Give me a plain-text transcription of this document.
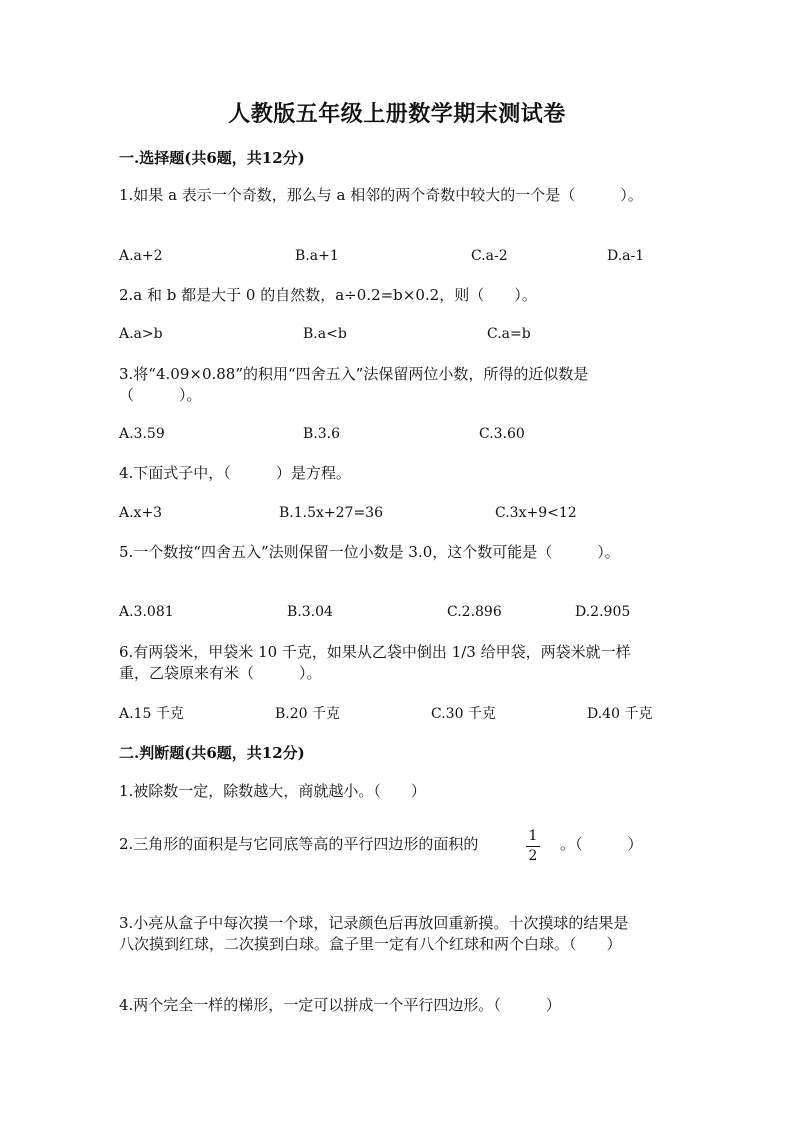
人教版五年级上册数学期末测试卷
一.选择题(共6题，共12分)
1.如果 a 表示一个奇数，那么与 a 相邻的两个奇数中较大的一个是（　　　）。
A.a+2	B.a+1	C.a-2	D.a-1
2.a 和 b 都是大于 0 的自然数，a÷0.2=b×0.2，则（　　）。
A.a>b	B.a<b	C.a=b
3.将“4.09×0.88”的积用“四舍五入”法保留两位小数，所得的近似数是
（　　　）。
A.3.59	B.3.6	C.3.60
4.下面式子中，（　　　）是方程。
A.x+3	B.1.5x+27=36	C.3x+9<12
5.一个数按“四舍五入”法则保留一位小数是 3.0，这个数可能是（　　　）。
A.3.081	B.3.04	C.2.896	D.2.905
6.有两袋米，甲袋米 10 千克，如果从乙袋中倒出 1/3 给甲袋，两袋米就一样
重，乙袋原来有米（　　　）。
A.15 千克	B.20 千克	C.30 千克	D.40 千克
二.判断题(共6题，共12分)
1.被除数一定，除数越大，商就越小。（　　）
2.三角形的面积是与它同底等高的平行四边形的面积的	1
2
。（　　　）
3.小亮从盒子中每次摸一个球，记录颜色后再放回重新摸。十次摸球的结果是
八次摸到红球，二次摸到白球。盒子里一定有八个红球和两个白球。（　　）
4.两个完全一样的梯形，一定可以拼成一个平行四边形。（　　　）
